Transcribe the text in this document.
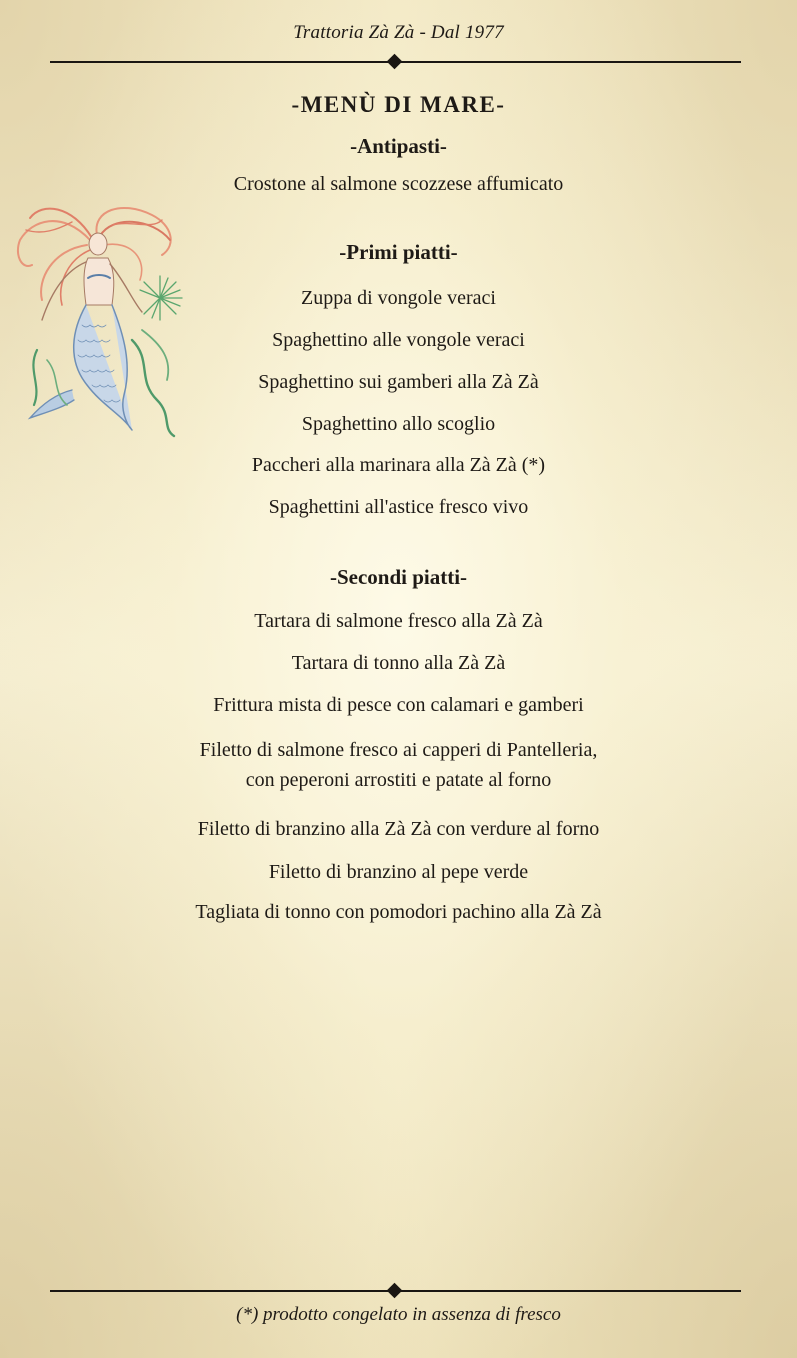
Trattoria Zà Zà - Dal 1977
-MENÙ DI MARE-
-Antipasti-
Crostone al salmone scozzese affumicato
-Primi piatti-
Zuppa di vongole veraci
Spaghettino alle vongole veraci
Spaghettino sui gamberi alla Zà Zà
Spaghettino allo scoglio
Paccheri alla marinara alla Zà Zà (*)
Spaghettini all'astice fresco vivo
-Secondi piatti-
Tartara di salmone fresco alla Zà Zà
Tartara di tonno alla Zà Zà
Frittura mista di pesce con calamari e gamberi
Filetto di salmone fresco ai capperi di Pantelleria,
con peperoni arrostiti e patate al forno
Filetto di branzino alla Zà Zà con verdure al forno
Filetto di branzino al pepe verde
Tagliata di tonno con pomodori pachino alla Zà Zà
(*) prodotto congelato in assenza di fresco
